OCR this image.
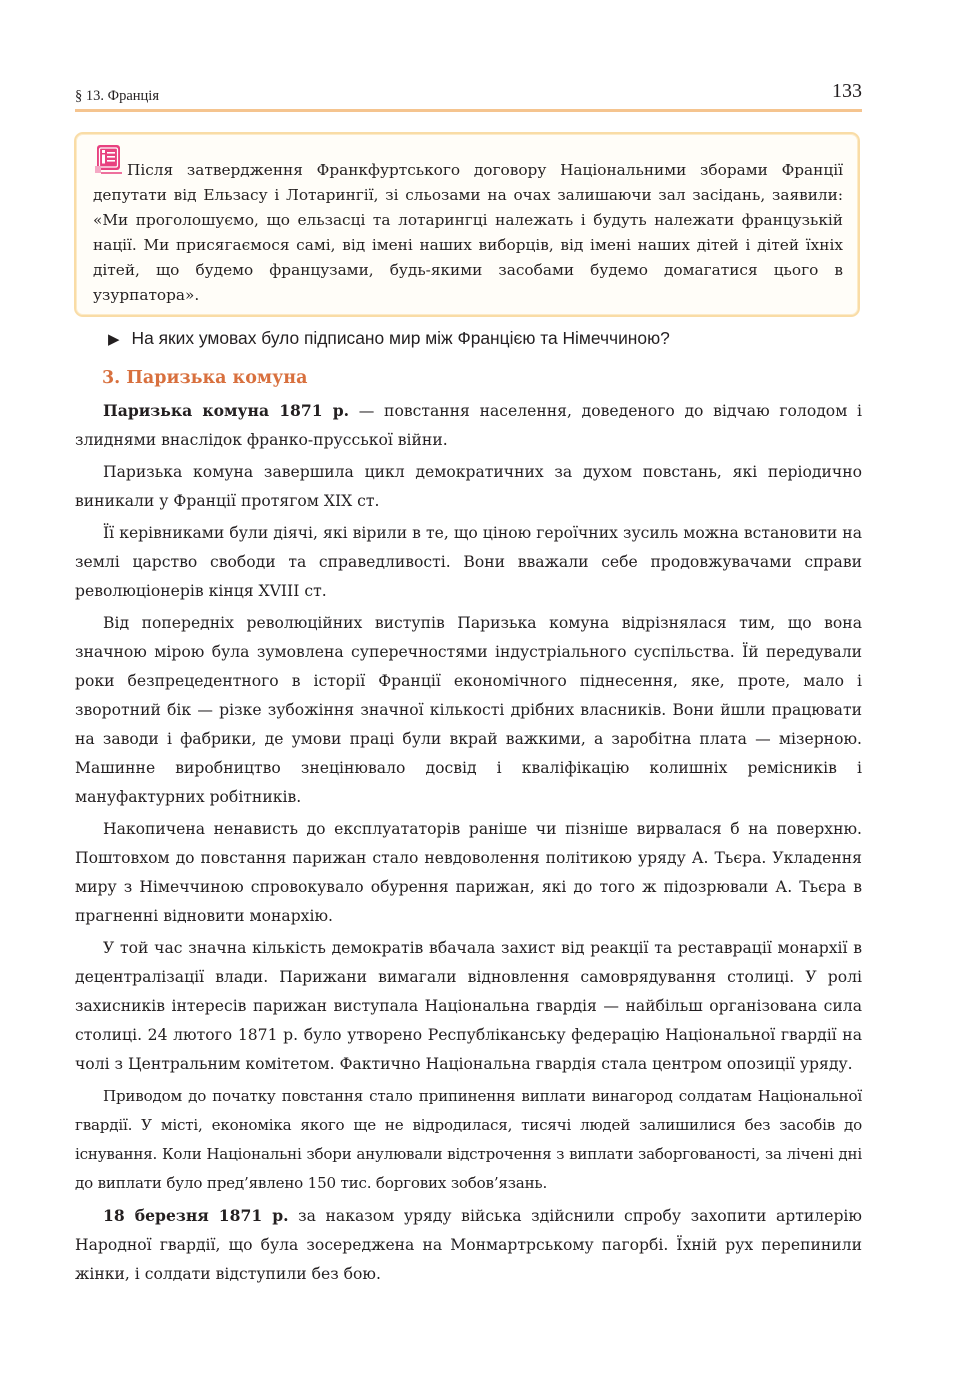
§ 13. Франція	133
Після затвердження Франкфуртського договору Національними зборами Франції депутати від Ельзасу і Лотарингії, зі сльозами на очах залишаючи зал засідань, заявили: «Ми проголошуємо, що ельзасці та лотарингці належать і будуть належати французькій нації. Ми присягаємося самі, від імені наших виборців, від імені наших дітей і дітей їхніх дітей, що будемо французами, будь-якими засобами будемо домагатися цього в узурпатора».
▶ На яких умовах було підписано мир між Францією та Німеччиною?
3. Паризька комуна

Паризька комуна 1871 р. — повстання населення, доведеного до відчаю голодом і злиднями внаслідок франко-прусської війни.

Паризька комуна завершила цикл демократичних за духом повстань, які періодично виникали у Франції протягом XIX ст.

Її керівниками були діячі, які вірили в те, що ціною героїчних зусиль можна встановити на землі царство свободи та справедливості. Вони вважали себе продовжувачами справи революціонерів кінця XVIII ст.

Від попередніх революційних виступів Паризька комуна відрізнялася тим, що вона значною мірою була зумовлена суперечностями індустріального суспільства. Їй передували роки безпрецедентного в історії Франції економічного піднесення, яке, проте, мало і зворотний бік — різке зубожіння значної кількості дрібних власників. Вони йшли працювати на заводи і фабрики, де умови праці були вкрай важкими, а заробітна плата — мізерною. Машинне виробництво знецінювало досвід і кваліфікацію колишніх ремісників і мануфактурних робітників.

Накопичена ненависть до експлуататорів раніше чи пізніше вирвалася б на поверхню. Поштовхом до повстання парижан стало невдоволення політикою уряду А. Тьєра. Укладення миру з Німеччиною спровокувало обурення парижан, які до того ж підозрювали А. Тьєра в прагненні відновити монархію.

У той час значна кількість демократів вбачала захист від реакції та реставрації монархії в децентралізації влади. Парижани вимагали відновлення самоврядування столиці. У ролі захисників інтересів парижан виступала Національна гвардія — найбільш організована сила столиці. 24 лютого 1871 р. було утворено Республіканську федерацію Національної гвардії на чолі з Центральним комітетом. Фактично Національна гвардія стала центром опозиції уряду.

Приводом до початку повстання стало припинення виплати винагород солдатам Національної гвардії. У місті, економіка якого ще не відродилася, тисячі людей залишилися без засобів до існування. Коли Національні збори анулювали відстрочення з виплати заборгованості, за лічені дні до виплати було пред’явлено 150 тис. боргових зобов’язань.

18 березня 1871 р. за наказом уряду війська здійснили спробу захопити артилерію Народної гвардії, що була зосереджена на Монмартрському пагорбі. Їхній рух перепинили жінки, і солдати відступили без бою.
